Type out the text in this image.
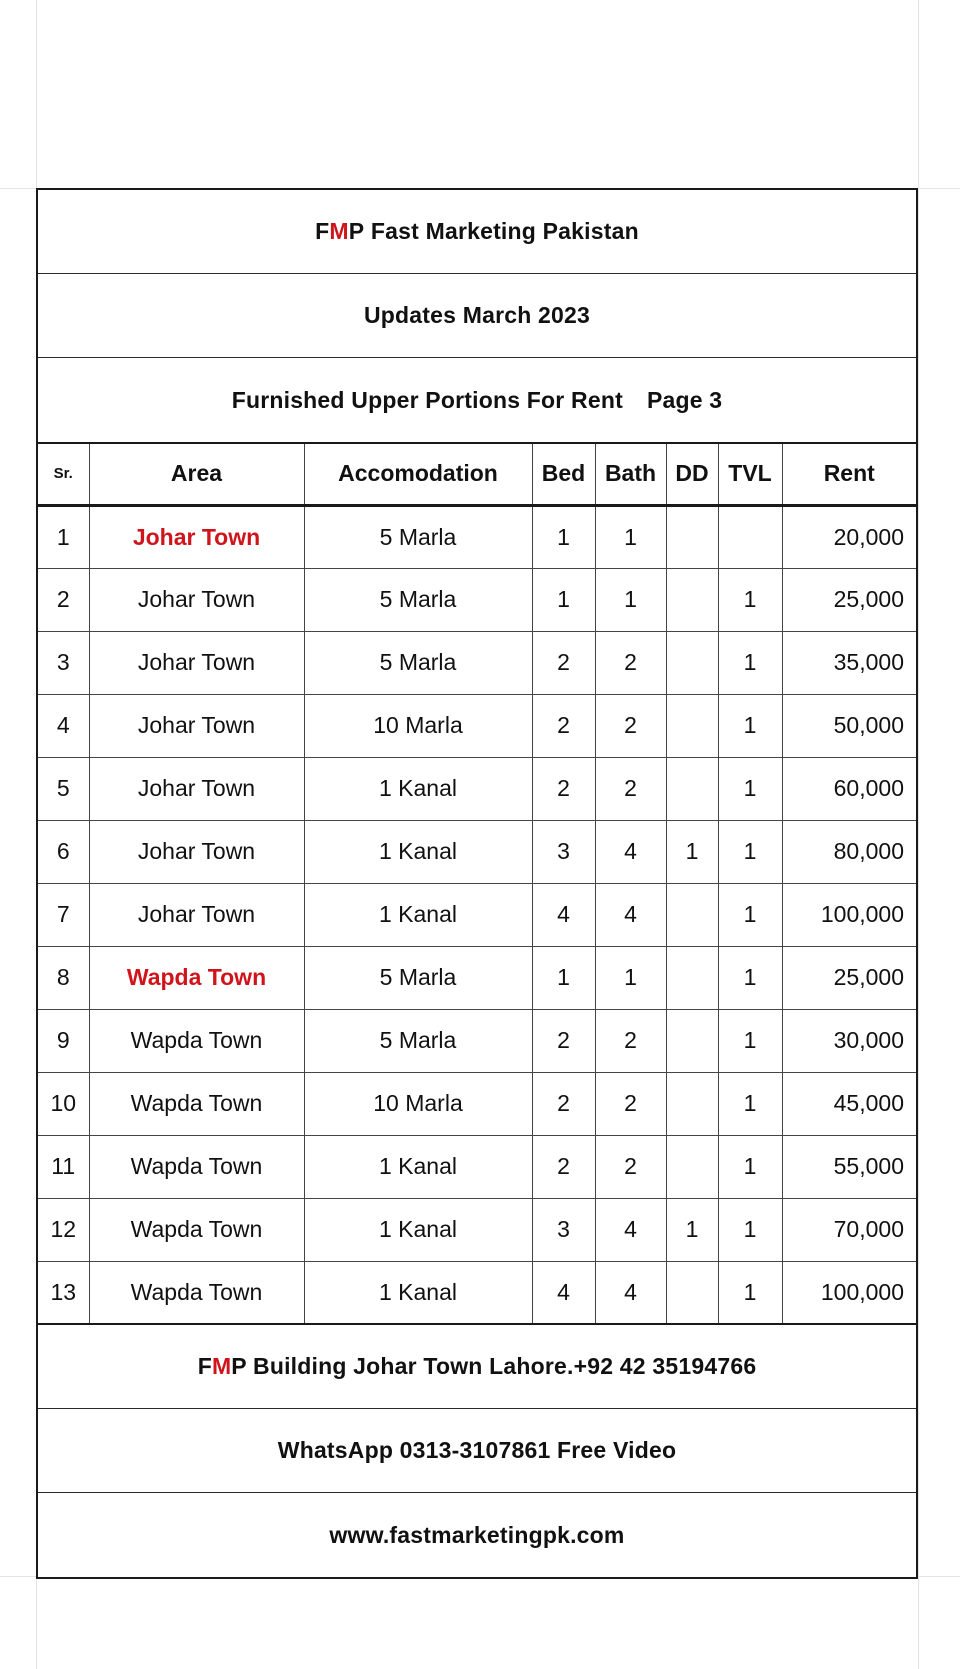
F M P
Fast Marketing Pakistan
Updates March 2023
Furnished Upper Portions For Rent Page 3
Sr.	Area	Accomodation	Bed	Bath	DD	TVL	Rent
1	Johar Town	5 Marla	1	1			20,000
2	Johar Town	5 Marla	1	1		1	25,000
3	Johar Town	5 Marla	2	2		1	35,000
4	Johar Town	10 Marla	2	2		1	50,000
5	Johar Town	1 Kanal	2	2		1	60,000
6	Johar Town	1 Kanal	3	4	1	1	80,000
7	Johar Town	1 Kanal	4	4		1	100,000
8	Wapda Town	5 Marla	1	1		1	25,000
9	Wapda Town	5 Marla	2	2		1	30,000
10	Wapda Town	10 Marla	2	2		1	45,000
11	Wapda Town	1 Kanal	2	2		1	55,000
12	Wapda Town	1 Kanal	3	4	1	1	70,000
13	Wapda Town	1 Kanal	4	4		1	100,000
F M P Building Johar Town Lahore.+92 42 35194766
WhatsApp 0313-3107861 Free Video
www.fastmarketingpk.com
